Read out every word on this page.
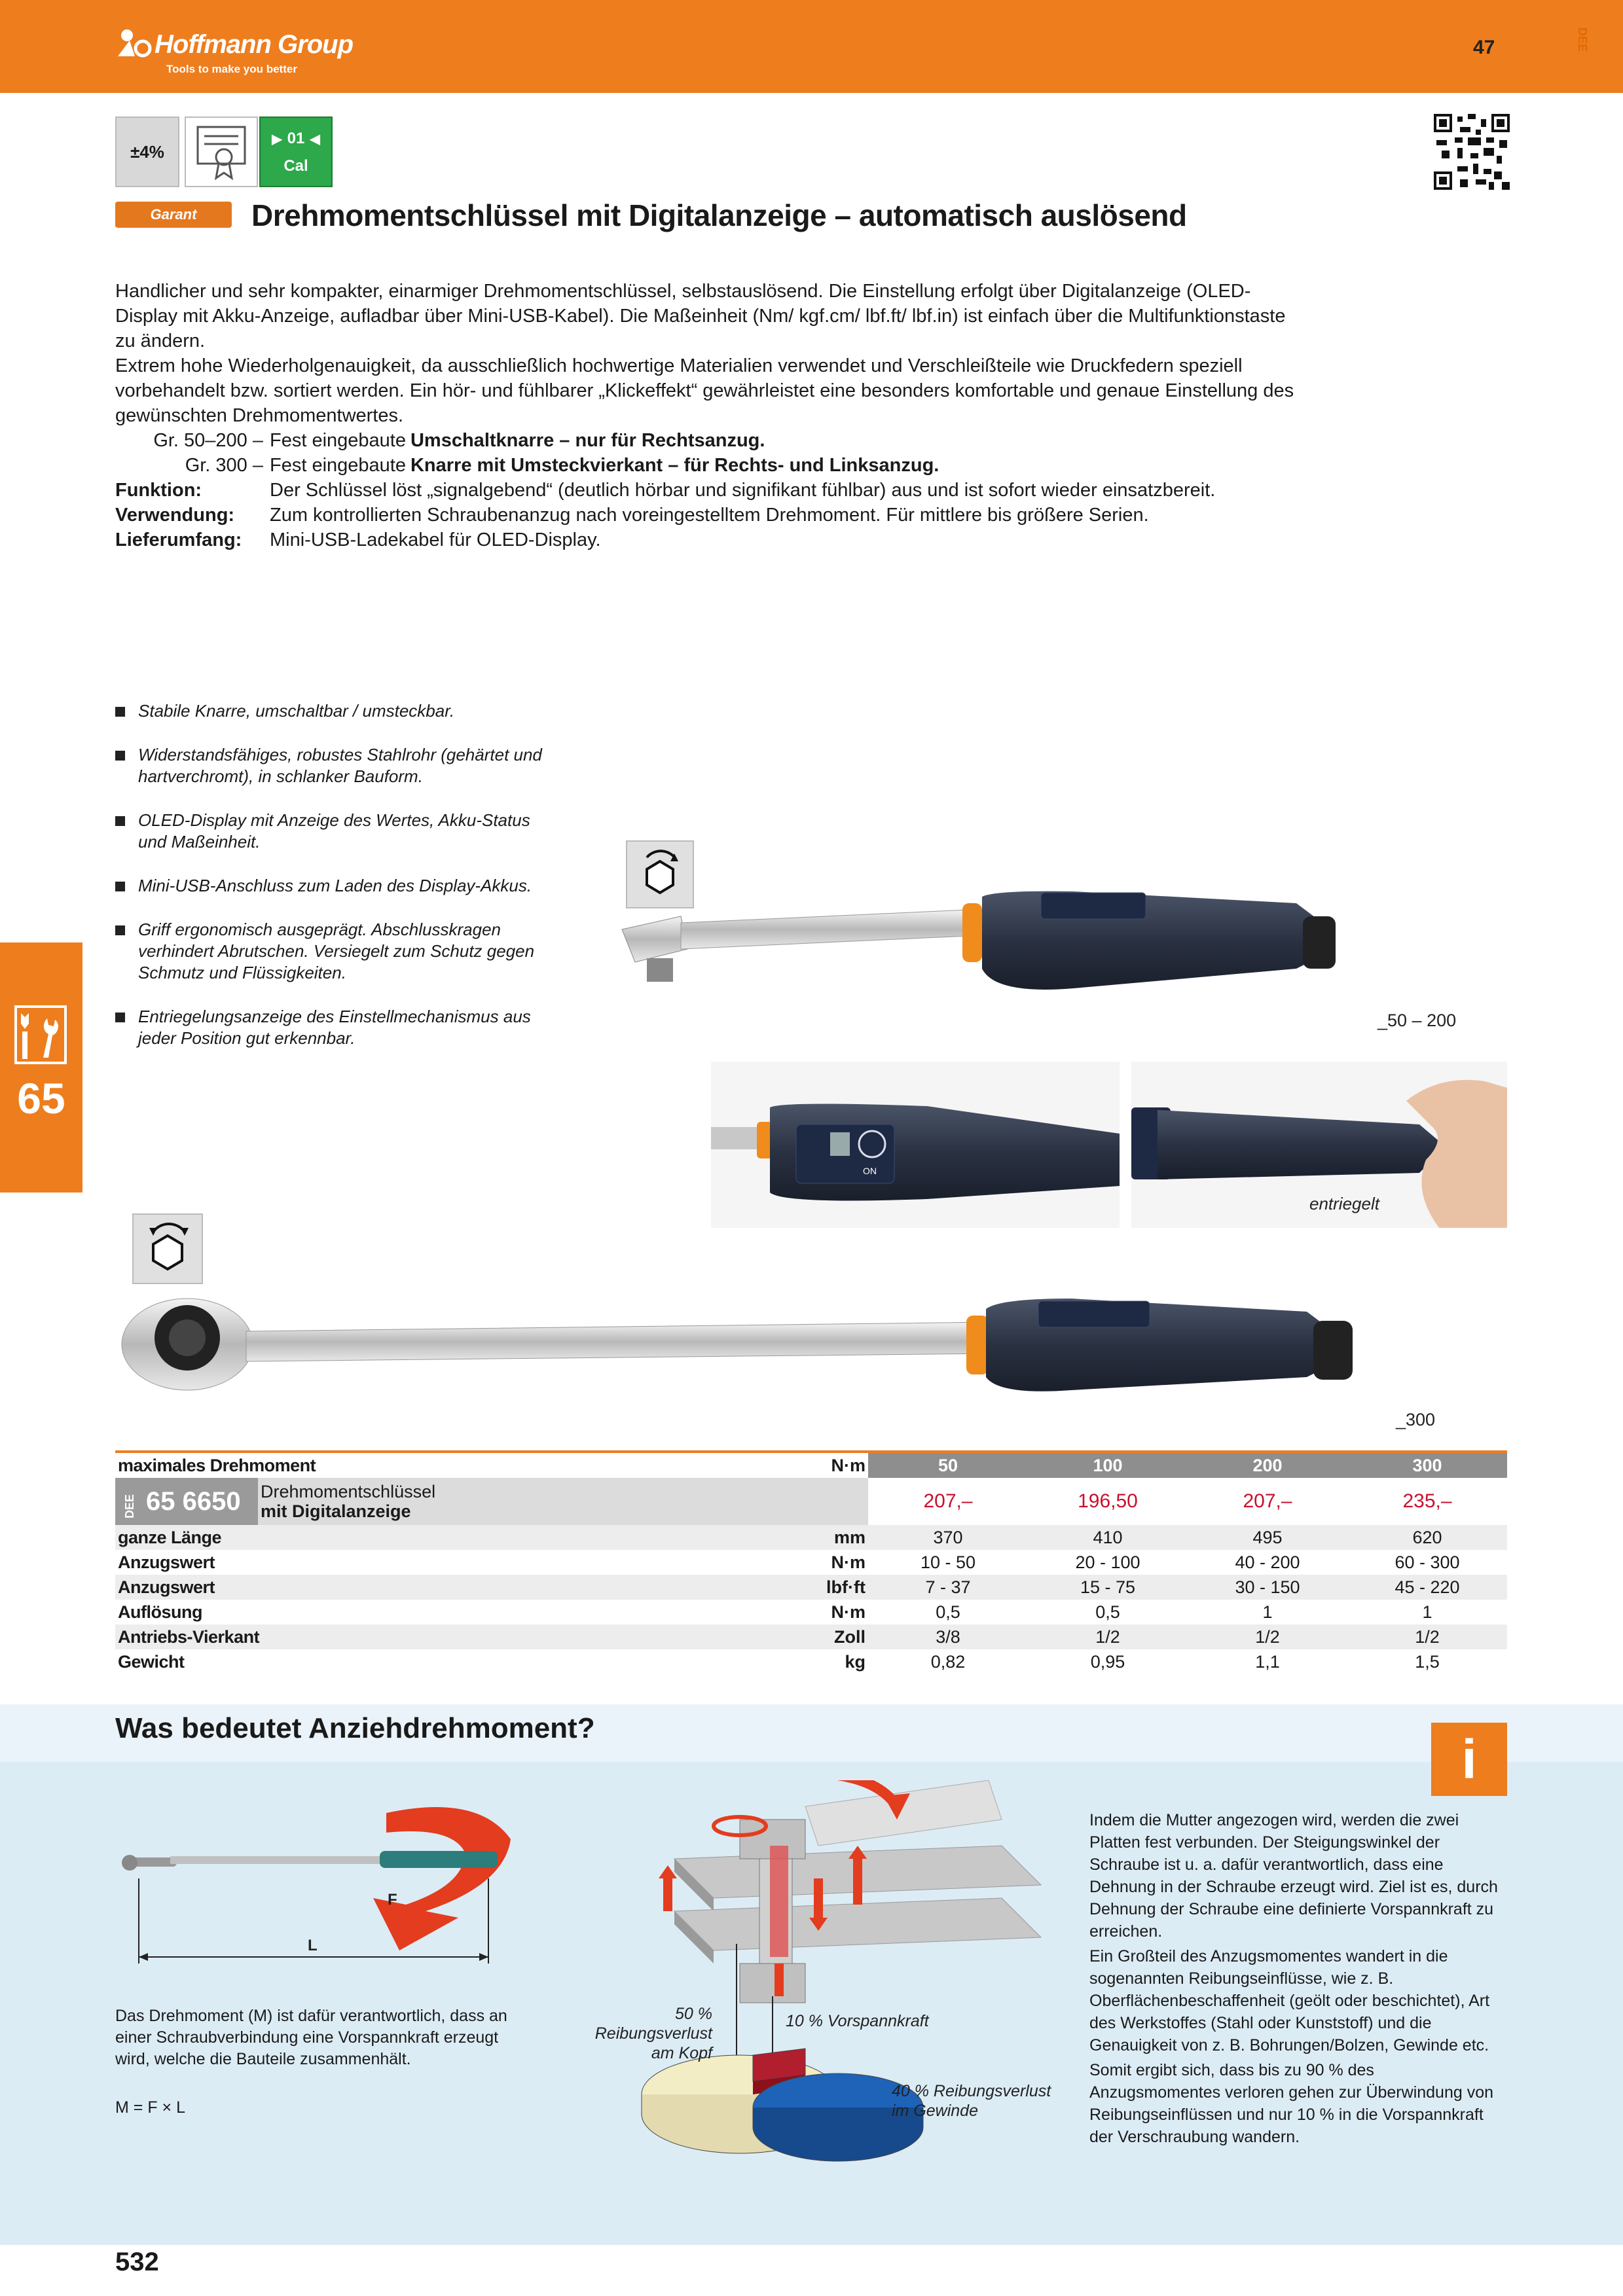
Hoffmann Group
Tools to make you better
47	DEE
±4%
▶ 01 ◀
Cal
Garant	Drehmomentschlüssel mit Digitalanzeige – automatisch auslösend

Handlicher und sehr kompakter, einarmiger Drehmomentschlüssel, selbstauslösend. Die Einstellung erfolgt über Digitalanzeige (OLED-Display mit Akku-Anzeige, aufladbar über Mini-USB-Kabel). Die Maßeinheit (Nm/ kgf.cm/ lbf.ft/ lbf.in) ist einfach über die Multifunktionstaste zu ändern.

Extrem hohe Wiederholgenauigkeit, da ausschließlich hochwertige Materialien verwendet und Verschleißteile wie Druckfedern speziell vorbehandelt bzw. sortiert werden. Ein hör- und fühlbarer „Klickeffekt“ gewährleistet eine besonders komfortable und genaue Einstellung des gewünschten Drehmomentwertes.

Gr. 50–200 – Fest eingebaute Umschaltknarre – nur für Rechtsanzug.
Gr. 300 – Fest eingebaute Knarre mit Umsteckvierkant – für Rechts- und Linksanzug.
Funktion:	Der Schlüssel löst „signalgebend“ (deutlich hörbar und signifikant fühlbar) aus und ist sofort wieder einsatzbereit.
Verwendung:	Zum kontrollierten Schraubenanzug nach voreingestelltem Drehmoment. Für mittlere bis größere Serien.
Lieferumfang:	Mini-USB-Ladekabel für OLED-Display.
Stabile Knarre, umschaltbar / umsteckbar.
Widerstandsfähiges, robustes Stahlrohr (gehärtet und hartverchromt), in schlanker Bauform.
OLED-Display mit Anzeige des Wertes, Akku-Status und Maßeinheit.
Mini-USB-Anschluss zum Laden des Display-Akkus.
Griff ergonomisch ausgeprägt. Abschlusskragen verhindert Abrutschen. Versiegelt zum Schutz gegen Schmutz und Flüssigkeiten.
Entriegelungsanzeige des Einstellmechanismus aus jeder Position gut erkennbar.
65
_50 – 200
ON
entriegelt
_300
maximales Drehmoment		N·m	50	100	200	300
DEE 65 6650	Drehmomentschlüssel
mit Digitalanzeige		207,–	196,50	207,–	235,–
ganze Länge		mm	370	410	495	620
Anzugswert		N·m	10 - 50	20 - 100	40 - 200	60 - 300
Anzugswert		lbf·ft	7 - 37	15 - 75	30 - 150	45 - 220
Auflösung		N·m	0,5	0,5	1	1
Antriebs-Vierkant		Zoll	3/8	1/2	1/2	1/2
Gewicht		kg	0,82	0,95	1,1	1,5
Was bedeutet Anziehdrehmoment?
i
F
L
Das Drehmoment (M) ist dafür verantwortlich, dass an einer Schraubverbindung eine Vorspannkraft erzeugt wird, welche die Bauteile zusammenhält.
M = F × L
50 % Reibungsverlust
am Kopf
10 % Vorspannkraft
40 % Reibungsverlust
im Gewinde

Indem die Mutter angezogen wird, werden die zwei Platten fest verbunden. Der Steigungswinkel der Schraube ist u. a. dafür verantwortlich, dass eine Dehnung in der Schraube erzeugt wird. Ziel ist es, durch Dehnung der Schraube eine definierte Vorspannkraft zu erreichen.

Ein Großteil des Anzugsmomentes wandert in die sogenannten Reibungseinflüsse, wie z. B. Oberflächenbeschaffenheit (geölt oder beschichtet), Art des Werkstoffes (Stahl oder Kunststoff) und die Genauigkeit von z. B. Bohrungen/Bolzen, Gewinde etc.

Somit ergibt sich, dass bis zu 90 % des Anzugsmomentes verloren gehen zur Überwindung von Reibungseinflüssen und nur 10 % in die Vorspannkraft der Verschraubung wandern.

532
